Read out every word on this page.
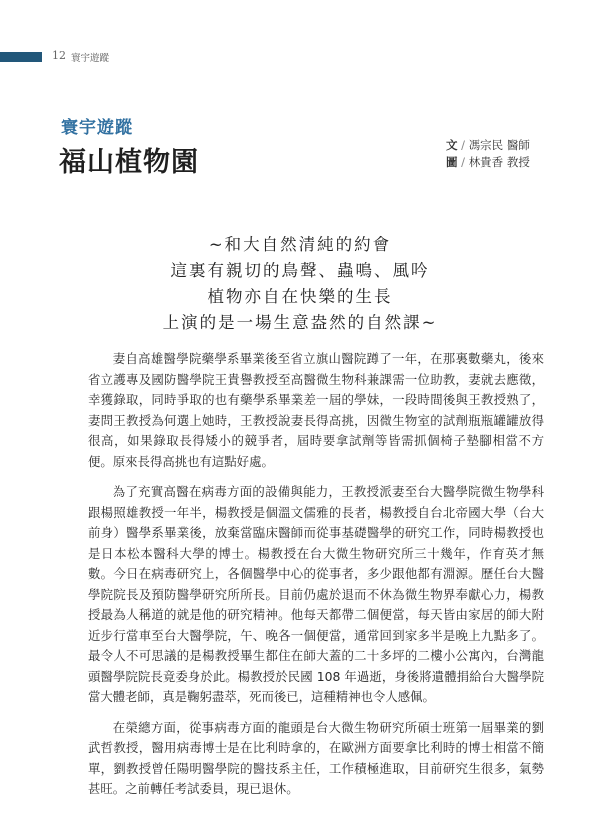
12 寰宇遊蹤
寰宇遊蹤
福山植物園
文 / 馮宗民 醫師
圖 / 林貴香 教授
~和大自然清純的約會
這裏有親切的鳥聲、蟲鳴、風吟
植物亦自在快樂的生長
上演的是一場生意盎然的自然課~

妻自高雄醫學院藥學系畢業後至省立旗山醫院蹲了一年，在那裏數藥丸，後來省立護專及國防醫學院王貴譽教授至高醫微生物科兼課需一位助教，妻就去應徵，幸獲錄取，同時爭取的也有藥學系畢業差一屆的學妹，一段時間後與王教授熟了，妻問王教授為何選上她時，王教授說妻長得高挑，因微生物室的試劑瓶瓶罐罐放得很高，如果錄取長得矮小的競爭者，屆時要拿試劑等皆需抓個椅子墊腳相當不方便。原來長得高挑也有這點好處。

為了充實高醫在病毒方面的設備與能力，王教授派妻至台大醫學院微生物學科跟楊照雄教授一年半，楊教授是個溫文儒雅的長者，楊教授自台北帝國大學（台大前身）醫學系畢業後，放棄當臨床醫師而從事基礎醫學的研究工作，同時楊教授也是日本松本醫科大學的博士。楊教授在台大微生物研究所三十幾年，作育英才無數。今日在病毒研究上，各個醫學中心的從事者，多少跟他都有淵源。歷任台大醫學院院長及預防醫學研究所所長。目前仍處於退而不休為微生物界奉獻心力，楊教授最為人稱道的就是他的研究精神。他每天都帶二個便當，每天皆由家居的師大附近步行當車至台大醫學院，午、晚各一個便當，通常回到家多半是晚上九點多了。最令人不可思議的是楊教授畢生都住在師大蓋的二十多坪的二樓小公寓內，台灣龍頭醫學院院長竟委身於此。楊教授於民國 108 年過逝，身後將遺體捐給台大醫學院當大體老師，真是鞠躬盡萃，死而後已，這種精神也令人感佩。

在榮總方面，從事病毒方面的龍頭是台大微生物研究所碩士班第一屆畢業的劉武哲教授，醫用病毒博士是在比利時拿的，在歐洲方面要拿比利時的博士相當不簡單，劉教授曾任陽明醫學院的醫技系主任，工作積極進取，目前研究生很多，氣勢甚旺。之前轉任考試委員，現已退休。
